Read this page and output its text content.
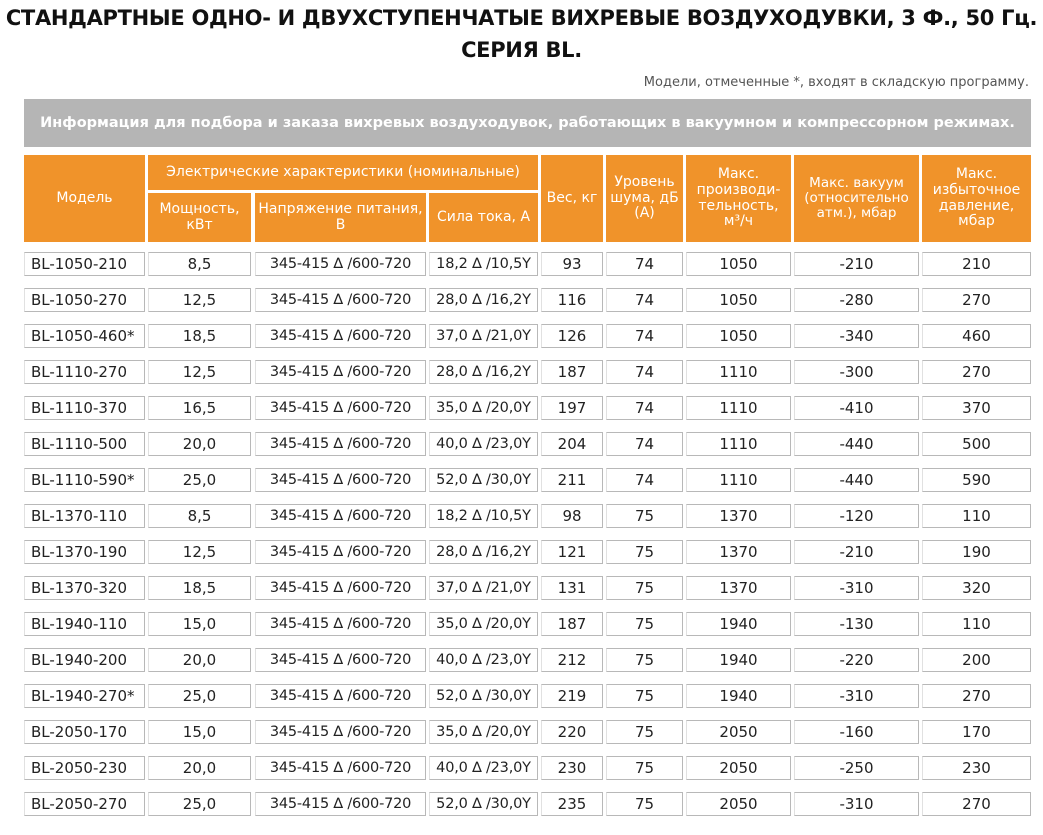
СТАНДАРТНЫЕ ОДНО- И ДВУХСТУПЕНЧАТЫЕ ВИХРЕВЫЕ ВОЗДУХОДУВКИ, 3 Ф., 50 Гц.
СЕРИЯ BL.
Модели, отмеченные *, входят в складскую программу.
Информация для подбора и заказа вихревых воздуходувок, работающих в вакуумном и компрессорном режимах.
Модель
Электрические характеристики (номинальные)
Мощность, кВт
Напряжение питания, В	Сила тока, А
Вес, кг
Уровень шума, дБ (А)
Макс. производи-тельность, м³/ч
Макс. вакуум (относительно атм.), мбар
Макс. избыточное давление, мбар
BL-1050-210	8,5	345-415 ∆ /600-720	18,2 ∆ /10,5Y	93	74	1050	-210	210
BL-1050-270	12,5	345-415 ∆ /600-720	28,0 ∆ /16,2Y	116	74	1050	-280	270
BL-1050-460*	18,5	345-415 ∆ /600-720	37,0 ∆ /21,0Y	126	74	1050	-340	460
BL-1110-270	12,5	345-415 ∆ /600-720	28,0 ∆ /16,2Y	187	74	1110	-300	270
BL-1110-370	16,5	345-415 ∆ /600-720	35,0 ∆ /20,0Y	197	74	1110	-410	370
BL-1110-500	20,0	345-415 ∆ /600-720	40,0 ∆ /23,0Y	204	74	1110	-440	500
BL-1110-590*	25,0	345-415 ∆ /600-720	52,0 ∆ /30,0Y	211	74	1110	-440	590
BL-1370-110	8,5	345-415 ∆ /600-720	18,2 ∆ /10,5Y	98	75	1370	-120	110
BL-1370-190	12,5	345-415 ∆ /600-720	28,0 ∆ /16,2Y	121	75	1370	-210	190
BL-1370-320	18,5	345-415 ∆ /600-720	37,0 ∆ /21,0Y	131	75	1370	-310	320
BL-1940-110	15,0	345-415 ∆ /600-720	35,0 ∆ /20,0Y	187	75	1940	-130	110
BL-1940-200	20,0	345-415 ∆ /600-720	40,0 ∆ /23,0Y	212	75	1940	-220	200
BL-1940-270*	25,0	345-415 ∆ /600-720	52,0 ∆ /30,0Y	219	75	1940	-310	270
BL-2050-170	15,0	345-415 ∆ /600-720	35,0 ∆ /20,0Y	220	75	2050	-160	170
BL-2050-230	20,0	345-415 ∆ /600-720	40,0 ∆ /23,0Y	230	75	2050	-250	230
BL-2050-270	25,0	345-415 ∆ /600-720	52,0 ∆ /30,0Y	235	75	2050	-310	270
